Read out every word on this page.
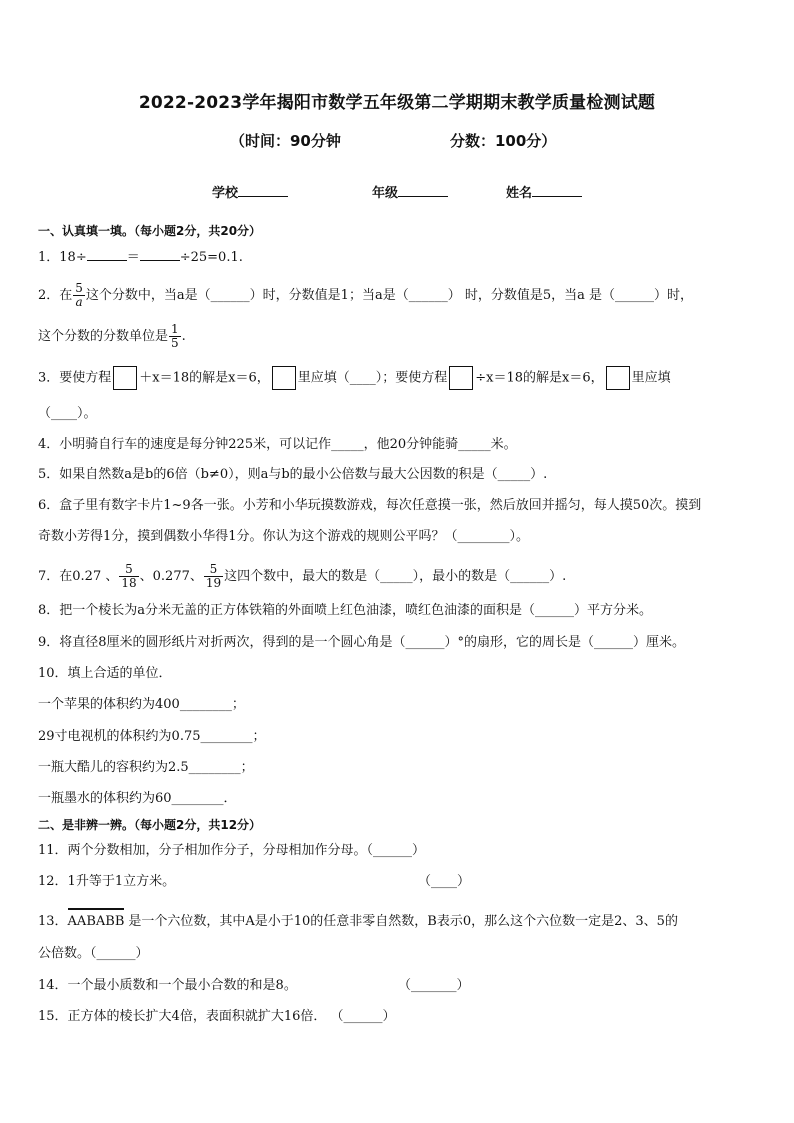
2022-2023学年揭阳市数学五年级第二学期期末教学质量检测试题
（时间：90分钟	分数：100分）
学校	年级	姓名
一、认真填一填。（每小题2分，共20分）
1．18÷	＝	÷25=0.1.
2．在 $\frac{5}{a}$ 这个分数中，当a是（______）时，分数值是1；当a是（______） 时，分数值是5，当a 是（______）时，
这个分数的分数单位是 $\frac{1}{5}$ .
3．要使方程 ＋x＝18的解是x＝6， 里应填（____）；要使方程 ÷x＝18的解是x＝6， 里应填
（____）。
4．小明骑自行车的速度是每分钟225米，可以记作_____，他20分钟能骑_____米。
5．如果自然数a是b的6倍（b≠0），则a与b的最小公倍数与最大公因数的积是（_____）.
6．盒子里有数字卡片1~9各一张。小芳和小华玩摸数游戏，每次任意摸一张，然后放回并摇匀，每人摸50次。摸到
奇数小芳得1分，摸到偶数小华得1分。你认为这个游戏的规则公平吗？（________）。
7．在0.27 、 $\frac{5}{18}$ 、0.277、 $\frac{5}{19}$ 这四个数中，最大的数是（_____），最小的数是（______）.
8．把一个棱长为a分米无盖的正方体铁箱的外面喷上红色油漆，喷红色油漆的面积是（______）平方分米。
9．将直径8厘米的圆形纸片对折两次，得到的是一个圆心角是（______）°的扇形，它的周长是（______）厘米。
10．填上合适的单位．
一个苹果的体积约为400________；
29寸电视机的体积约为0.75________；
一瓶大酷儿的容积约为2.5________；
一瓶墨水的体积约为60________．
二、是非辨一辨。（每小题2分，共12分）
11．两个分数相加，分子相加作分子，分母相加作分母。（______）
12．1升等于1立方米。	（____）
13．AABABB 是一个六位数，其中A是小于10的任意非零自然数，B表示0，那么这个六位数一定是2、3、5的
公倍数。（______）
14．一个最小质数和一个最小合数的和是8。	（_______）
15．正方体的棱长扩大4倍，表面积就扩大16倍． （______）
